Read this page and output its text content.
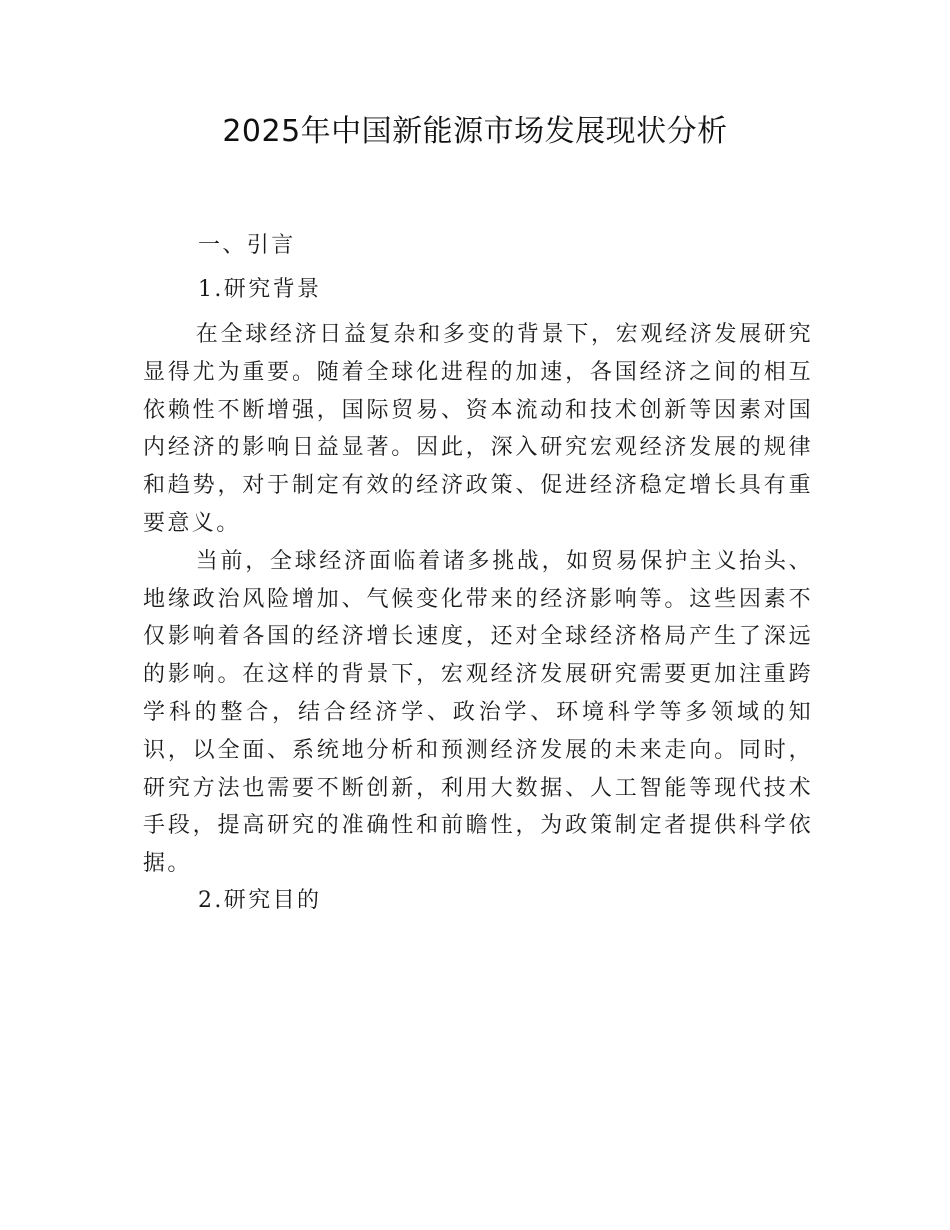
2025年中国新能源市场发展现状分析

一、引言

1.研究背景

在全球经济日益复杂和多变的背景下，宏观经济发展研究显得尤为重要。随着全球化进程的加速，各国经济之间的相互依赖性不断增强，国际贸易、资本流动和技术创新等因素对国内经济的影响日益显著。因此，深入研究宏观经济发展的规律和趋势，对于制定有效的经济政策、促进经济稳定增长具有重要意义。

当前，全球经济面临着诸多挑战，如贸易保护主义抬头、地缘政治风险增加、气候变化带来的经济影响等。这些因素不仅影响着各国的经济增长速度，还对全球经济格局产生了深远的影响。在这样的背景下，宏观经济发展研究需要更加注重跨学科的整合，结合经济学、政治学、环境科学等多领域的知识，以全面、系统地分析和预测经济发展的未来走向。同时，研究方法也需要不断创新，利用大数据、人工智能等现代技术手段，提高研究的准确性和前瞻性，为政策制定者提供科学依据。

2.研究目的
